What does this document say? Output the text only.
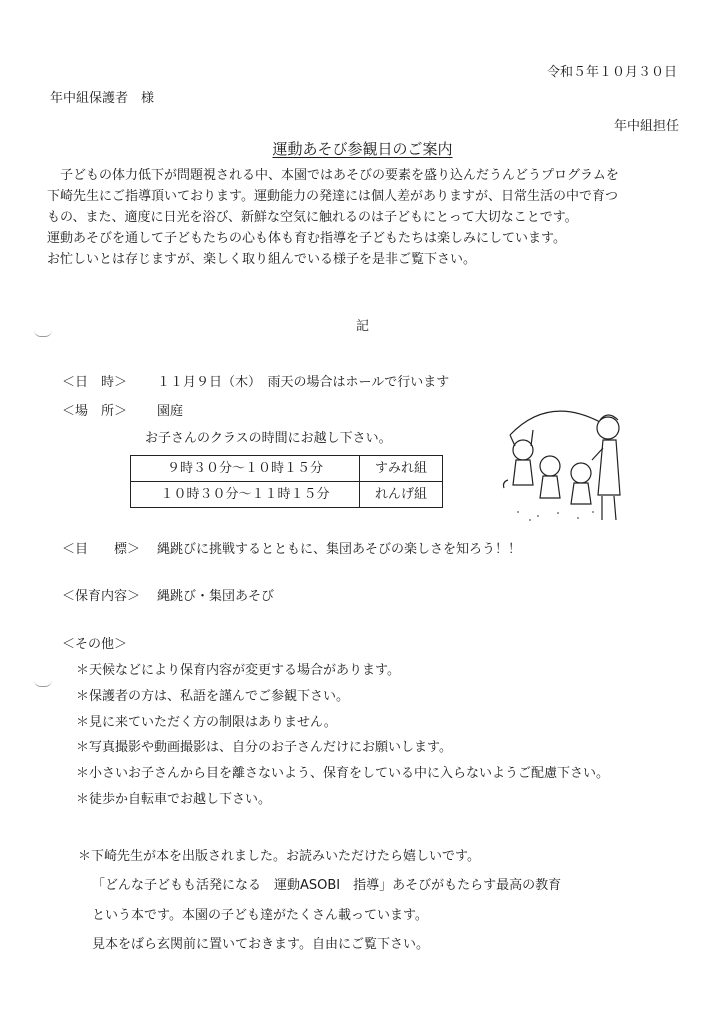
令和５年１０月３０日
年中組保護者　様
年中組担任
運動あそび参観日のご案内

　子どもの体力低下が問題視される中、本園ではあそびの要素を盛り込んだうんどうプログラムを

下崎先生にご指導頂いております。運動能力の発達には個人差がありますが、日常生活の中で育つ

もの、また、適度に日光を浴び、新鮮な空気に触れるのは子どもにとって大切なことです。

運動あそびを通して子どもたちの心も体も育む指導を子どもたちは楽しみにしています。

お忙しいとは存じますが、楽しく取り組んでいる様子を是非ご覧下さい。

記
＜日　時＞ １１月９日（木）　雨天の場合はホールで行います
＜場　所＞ 園庭
お子さんのクラスの時間にお越し下さい。
９時３０分～１０時１５分	すみれ組
１０時３０分～１１時１５分	れんげ組
＜目　　標＞ 縄跳びに挑戦するとともに、集団あそびの楽しさを知ろう！！
＜保育内容＞ 縄跳び・集団あそび
＜その他＞
＊天候などにより保育内容が変更する場合があります。
＊保護者の方は、私語を謹んでご参観下さい。
＊見に来ていただく方の制限はありません。
＊写真撮影や動画撮影は、自分のお子さんだけにお願いします。
＊小さいお子さんから目を離さないよう、保育をしている中に入らないようご配慮下さい。
＊徒歩か自転車でお越し下さい。
＊下崎先生が本を出版されました。お読みいただけたら嬉しいです。
「どんな子どもも活発になる　運動ASOBI　指導」あそびがもたらす最高の教育
という本です。本園の子ども達がたくさん載っています。
見本をばら玄関前に置いておきます。自由にご覧下さい。
